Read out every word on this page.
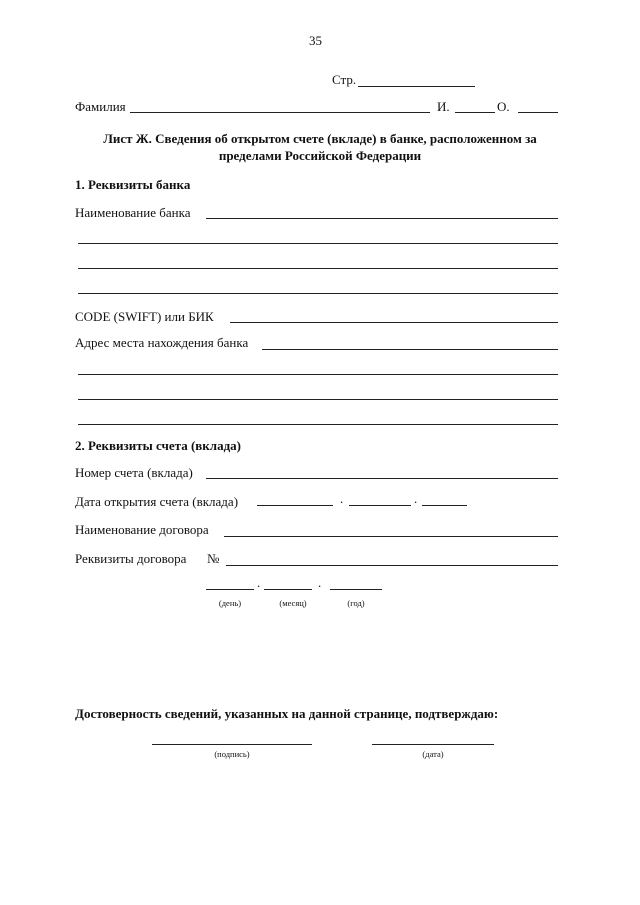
35
Стр.
Фамилия	И.	О.
Лист Ж. Сведения об открытом счете (вкладе) в банке, расположенном за
пределами Российской Федерации
1. Реквизиты банка
Наименование банка
CODE (SWIFT) или БИК
Адрес места нахождения банка
2. Реквизиты счета (вклада)
Номер счета (вклада)
Дата открытия счета (вклада)	.	.
Наименование договора
Реквизиты договора №
.	.
(день)	(месяц)	(год)
Достоверность сведений, указанных на данной странице, подтверждаю:
(подпись)	(дата)
